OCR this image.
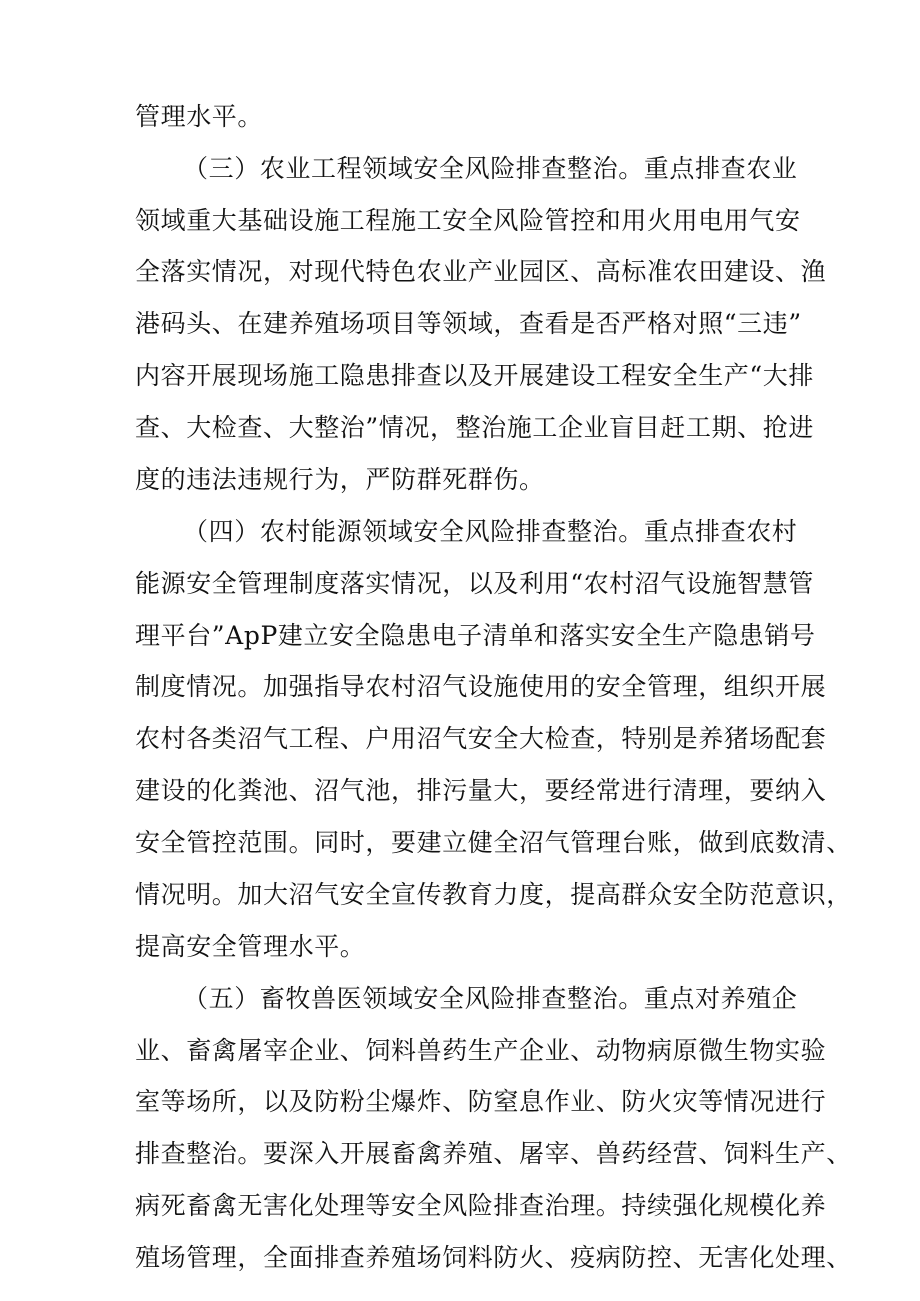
管理水平。
（三）农业工程领域安全风险排查整治。重点排查农业
领域重大基础设施工程施工安全风险管控和用火用电用气安
全落实情况，对现代特色农业产业园区、高标准农田建设、渔
港码头、在建养殖场项目等领域，查看是否严格对照“三违”
内容开展现场施工隐患排查以及开展建设工程安全生产“大排
查、大检查、大整治”情况，整治施工企业盲目赶工期、抢进
度的违法违规行为，严防群死群伤。
（四）农村能源领域安全风险排查整治。重点排查农村
能源安全管理制度落实情况，以及利用“农村沼气设施智慧管
理平台”ApP建立安全隐患电子清单和落实安全生产隐患销号
制度情况。加强指导农村沼气设施使用的安全管理，组织开展
农村各类沼气工程、户用沼气安全大检查，特别是养猪场配套
建设的化粪池、沼气池，排污量大，要经常进行清理，要纳入
安全管控范围。同时，要建立健全沼气管理台账，做到底数清、
情况明。加大沼气安全宣传教育力度，提高群众安全防范意识，
提高安全管理水平。
（五）畜牧兽医领域安全风险排查整治。重点对养殖企
业、畜禽屠宰企业、饲料兽药生产企业、动物病原微生物实验
室等场所，以及防粉尘爆炸、防窒息作业、防火灾等情况进行
排查整治。要深入开展畜禽养殖、屠宰、兽药经营、饲料生产、
病死畜禽无害化处理等安全风险排查治理。持续强化规模化养
殖场管理，全面排查养殖场饲料防火、疫病防控、无害化处理、
